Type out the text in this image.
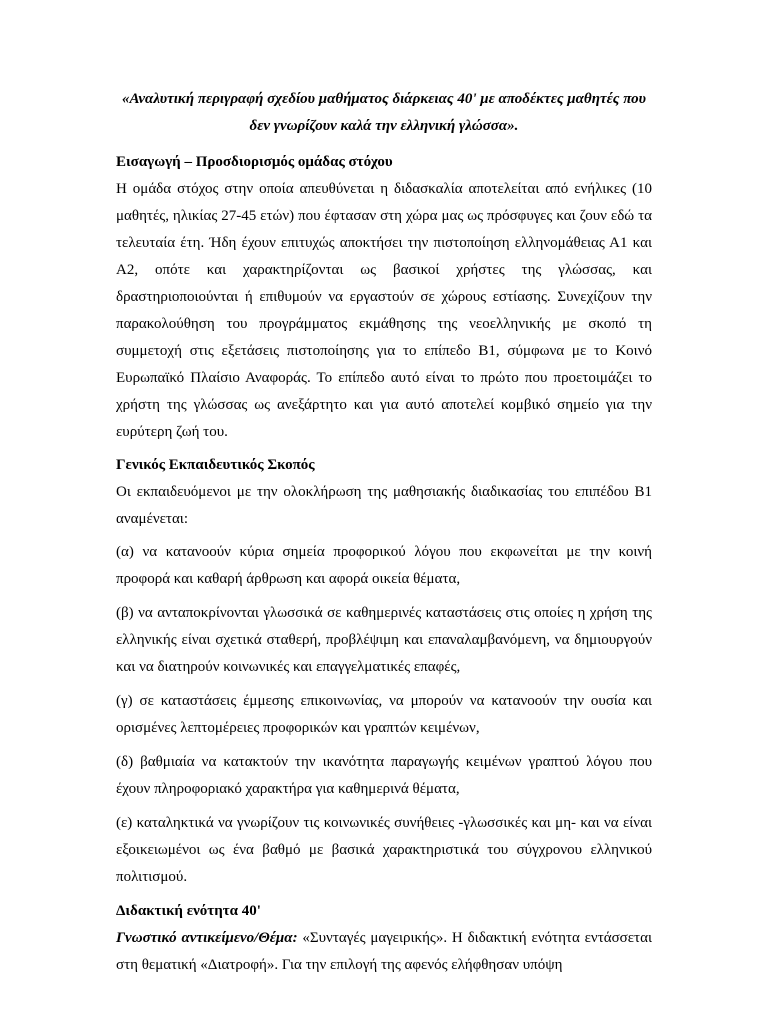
«Αναλυτική περιγραφή σχεδίου μαθήματος διάρκειας 40' με αποδέκτες μαθητές που δεν γνωρίζουν καλά την ελληνική γλώσσα».

Εισαγωγή – Προσδιορισμός ομάδας στόχου

Η ομάδα στόχος στην οποία απευθύνεται η διδασκαλία αποτελείται από ενήλικες (10 μαθητές, ηλικίας 27-45 ετών) που έφτασαν στη χώρα μας ως πρόσφυγες και ζουν εδώ τα τελευταία έτη. Ήδη έχουν επιτυχώς αποκτήσει την πιστοποίηση ελληνομάθειας Α1 και Α2, οπότε και χαρακτηρίζονται ως βασικοί χρήστες της γλώσσας, και δραστηριοποιούνται ή επιθυμούν να εργαστούν σε χώρους εστίασης. Συνεχίζουν την παρακολούθηση του προγράμματος εκμάθησης της νεοελληνικής με σκοπό τη συμμετοχή στις εξετάσεις πιστοποίησης για το επίπεδο Β1, σύμφωνα με το Κοινό Ευρωπαϊκό Πλαίσιο Αναφοράς. Το επίπεδο αυτό είναι το πρώτο που προετοιμάζει το χρήστη της γλώσσας ως ανεξάρτητο και για αυτό αποτελεί κομβικό σημείο για την ευρύτερη ζωή του.

Γενικός Εκπαιδευτικός Σκοπός

Οι εκπαιδευόμενοι με την ολοκλήρωση της μαθησιακής διαδικασίας του επιπέδου Β1 αναμένεται:

(α) να κατανοούν κύρια σημεία προφορικού λόγου που εκφωνείται με την κοινή προφορά και καθαρή άρθρωση και αφορά οικεία θέματα,

(β) να ανταποκρίνονται γλωσσικά σε καθημερινές καταστάσεις στις οποίες η χρήση της ελληνικής είναι σχετικά σταθερή, προβλέψιμη και επαναλαμβανόμενη, να δημιουργούν και να διατηρούν κοινωνικές και επαγγελματικές επαφές,

(γ) σε καταστάσεις έμμεσης επικοινωνίας, να μπορούν να κατανοούν την ουσία και ορισμένες λεπτομέρειες προφορικών και γραπτών κειμένων,

(δ) βαθμιαία να κατακτούν την ικανότητα παραγωγής κειμένων γραπτού λόγου που έχουν πληροφοριακό χαρακτήρα για καθημερινά θέματα,

(ε) καταληκτικά να γνωρίζουν τις κοινωνικές συνήθειες -γλωσσικές και μη- και να είναι εξοικειωμένοι ως ένα βαθμό με βασικά χαρακτηριστικά του σύγχρονου ελληνικού πολιτισμού.

Διδακτική ενότητα 40'

Γνωστικό αντικείμενο/Θέμα: «Συνταγές μαγειρικής». Η διδακτική ενότητα εντάσσεται στη θεματική «Διατροφή». Για την επιλογή της αφενός ελήφθησαν υπόψη
